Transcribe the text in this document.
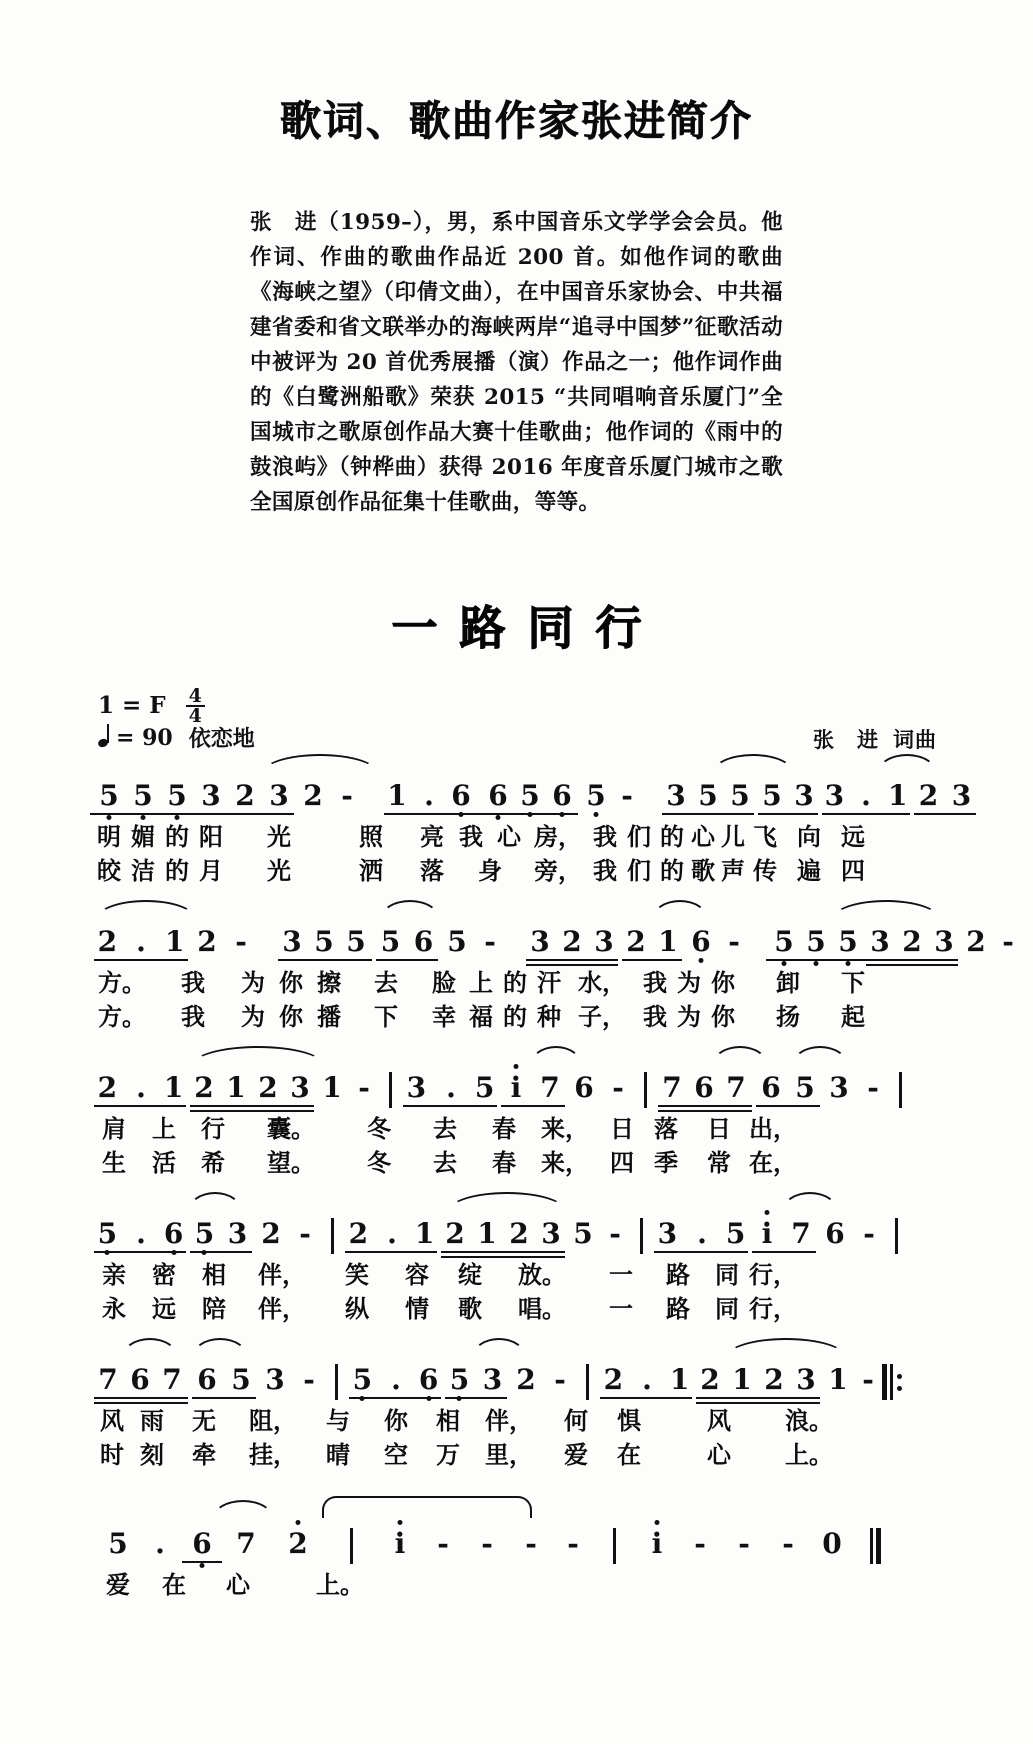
歌词、歌曲作家张进简介
张　进（1959–），男，系中国音乐文学学会会员。他作词、作曲的歌曲作品近 200 首。如他作词的歌曲《海峡之望》（印倩文曲），在中国音乐家协会、中共福建省委和省文联举办的海峡两岸“追寻中国梦”征歌活动中被评为 20 首优秀展播（演）作品之一；他作词作曲的《白鹭洲船歌》荣获 2015 “共同唱响音乐厦门”全国城市之歌原创作品大赛十佳歌曲；他作词的《雨中的鼓浪屿》（钟桦曲）获得 2016 年度音乐厦门城市之歌全国原创作品征集十佳歌曲，等等。
一路同行
1 = F $\frac{4}{4}$
= 90 依恋地	张　进 词曲
5 5 5 3 2 3 2 -	1 . 6 6 5 6 5 -	3 5 5 5 3 3 . 1 2 3
明 媚 的 阳	光	照	亮 我 心 房， 我 们 的 心 儿 飞 向 远
皎 洁 的 月	光	洒	落	身	旁， 我 们 的 歌 声 传 遍 四
2 . 1 2 -	3 5 5 5 6 5 -	3 2 3 2 1 6 -	5 5 5 3 2 3 2 -
方。	我	为 你 擦	去	脸 上 的 汗 水， 我 为 你	卸	下
方。	我	为 你 播	下	幸 福 的 种 子， 我 为 你	扬	起
2 . 1 2 1 2 3 1 -	3 . 5 i 7 6 -	7 6 7 6 5 3 -
肩	上	行	囊。	冬	去	春	来， 日 落	日 出，
生	活	希	望。	冬	去	春	来， 四 季	常 在，
5 . 6 5 3 2 -	2 . 1 2 1 2 3 5 -	3 . 5 i 7 6 -
亲	密	相	伴，	笑	容	绽	放。	一	路	同 行，
永	远	陪	伴，	纵	情	歌	唱。	一	路	同 行，
7 6 7 6 5 3 -	5 . 6 5 3 2 -	2 . 1 2 1 2 3 1 -
风 雨	无	阻，	与	你	相	伴，	何	惧	风	浪。
时 刻	牵	挂，	晴	空	万	里，	爱	在	心	上。
5 . 6 7	2	i	-	-	-	-	i	-	-	-	0
爱	在	心	上。
